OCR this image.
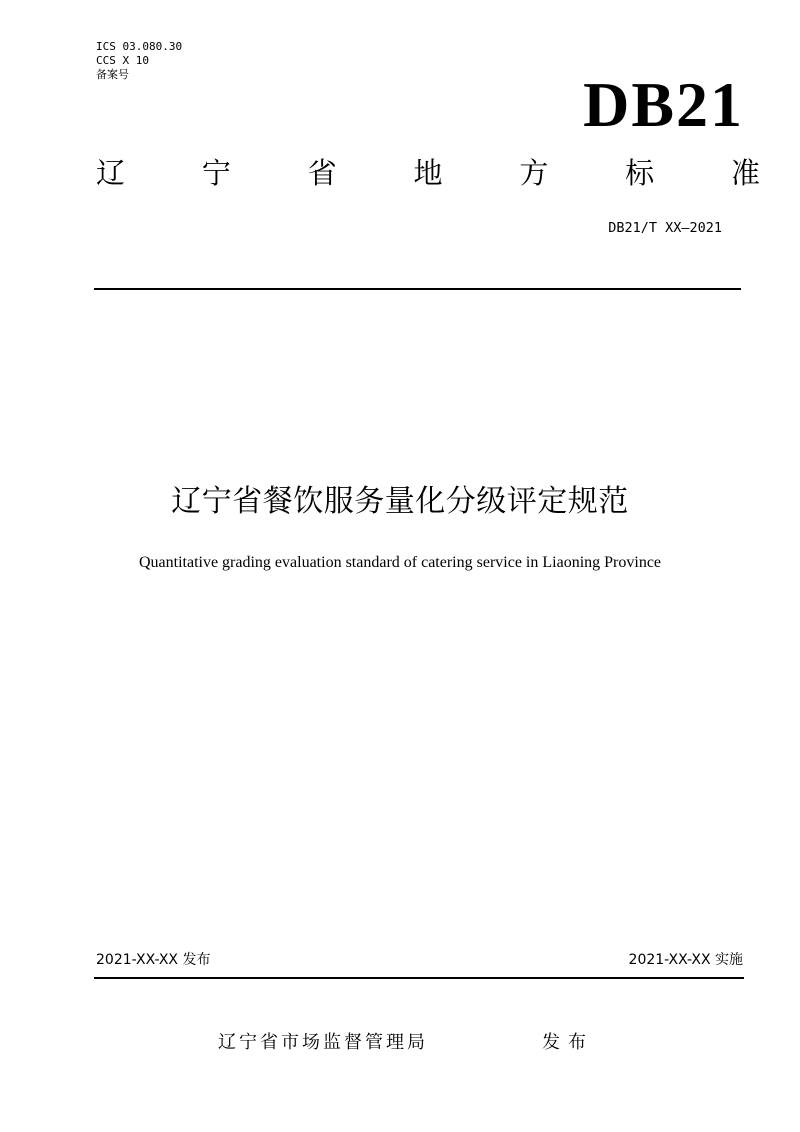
ICS 03.080.30
CCS X 10
备案号	DB21
辽	宁	省	地	方	标	准
DB21/T XX—2021
辽宁省餐饮服务量化分级评定规范
Quantitative grading evaluation standard of catering service in Liaoning Province
2021-XX-XX 发布	2021-XX-XX 实施
辽宁省市场监督管理局	发布
